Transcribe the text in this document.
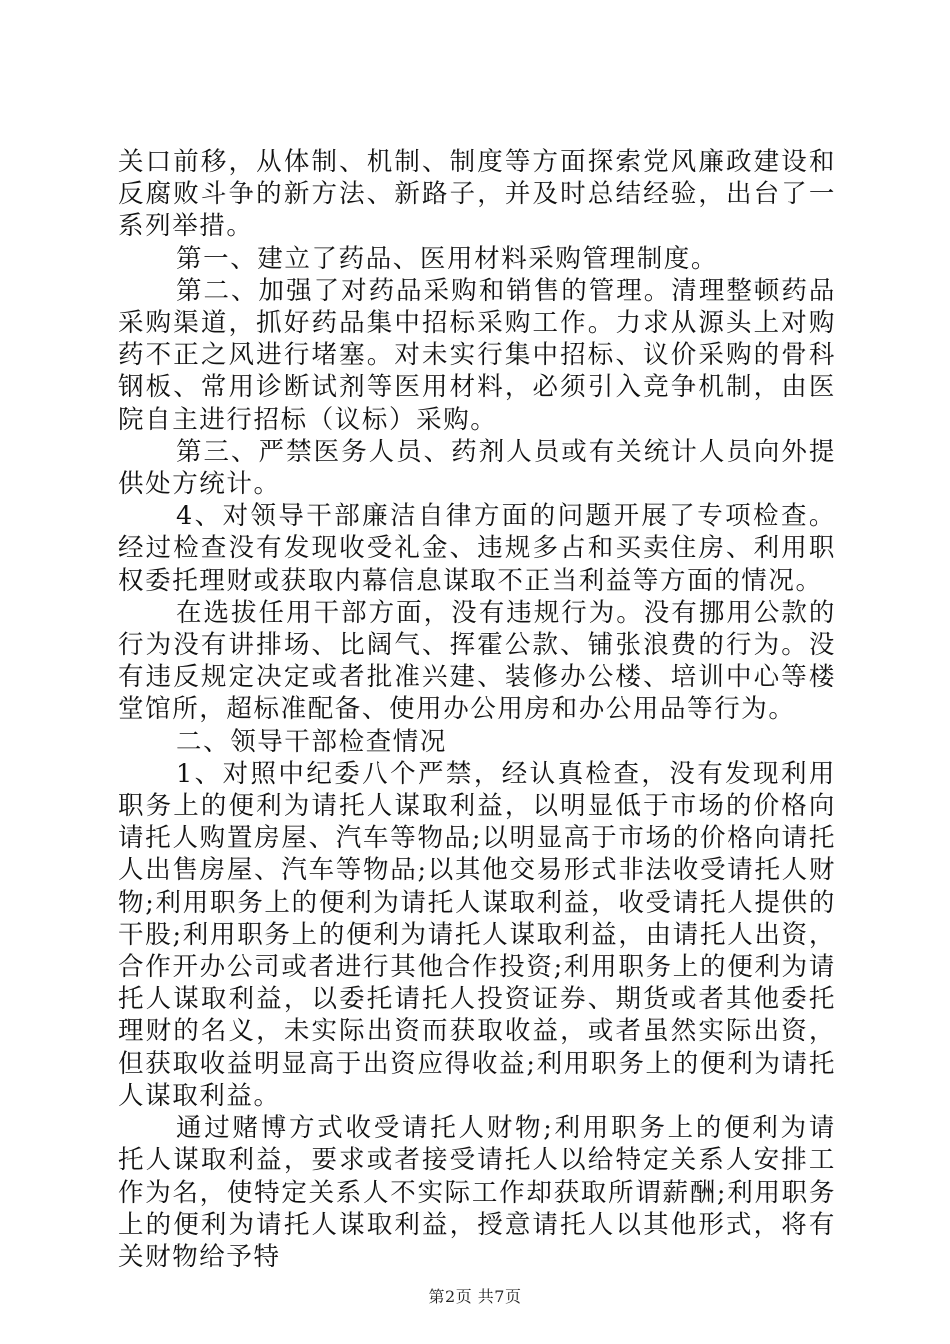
关口前移，从体制、机制、制度等方面探索党风廉政建设和反腐败斗争的新方法、新路子，并及时总结经验，出台了一系列举措。

第一、建立了药品、医用材料采购管理制度。

第二、加强了对药品采购和销售的管理。清理整顿药品采购渠道，抓好药品集中招标采购工作。力求从源头上对购药不正之风进行堵塞。对未实行集中招标、议价采购的骨科钢板、常用诊断试剂等医用材料，必须引入竞争机制，由医院自主进行招标（议标）采购。

第三、严禁医务人员、药剂人员或有关统计人员向外提供处方统计。

4、对领导干部廉洁自律方面的问题开展了专项检查。经过检查没有发现收受礼金、违规多占和买卖住房、利用职权委托理财或获取内幕信息谋取不正当利益等方面的情况。

在选拔任用干部方面，没有违规行为。没有挪用公款的行为没有讲排场、比阔气、挥霍公款、铺张浪费的行为。没有违反规定决定或者批准兴建、装修办公楼、培训中心等楼堂馆所，超标准配备、使用办公用房和办公用品等行为。

二、领导干部检查情况

1、对照中纪委八个严禁，经认真检查，没有发现利用职务上的便利为请托人谋取利益，以明显低于市场的价格向请托人购置房屋、汽车等物品;以明显高于市场的价格向请托人出售房屋、汽车等物品;以其他交易形式非法收受请托人财物;利用职务上的便利为请托人谋取利益，收受请托人提供的干股;利用职务上的便利为请托人谋取利益，由请托人出资，合作开办公司或者进行其他合作投资;利用职务上的便利为请托人谋取利益，以委托请托人投资证券、期货或者其他委托理财的名义，未实际出资而获取收益，或者虽然实际出资，但获取收益明显高于出资应得收益;利用职务上的便利为请托人谋取利益。

通过赌博方式收受请托人财物;利用职务上的便利为请托人谋取利益，要求或者接受请托人以给特定关系人安排工作为名，使特定关系人不实际工作却获取所谓薪酬;利用职务上的便利为请托人谋取利益，授意请托人以其他形式，将有关财物给予特

第2页 共7页
